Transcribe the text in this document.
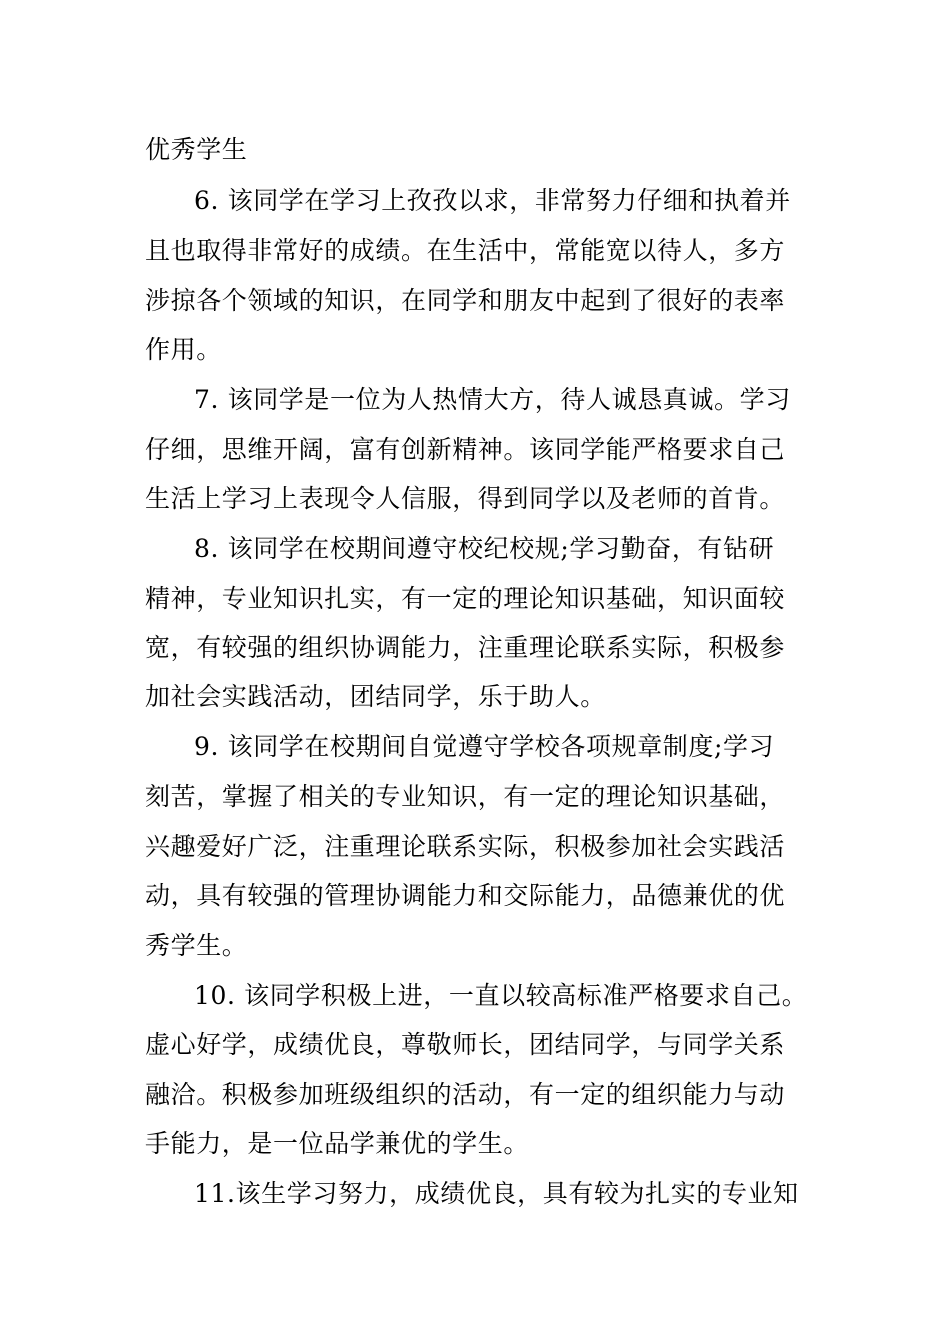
优秀学生
6. 该同学在学习上孜孜以求，非常努力仔细和执着并
且也取得非常好的成绩。在生活中，常能宽以待人，多方
涉掠各个领域的知识，在同学和朋友中起到了很好的表率
作用。
7. 该同学是一位为人热情大方，待人诚恳真诚。学习
仔细，思维开阔，富有创新精神。该同学能严格要求自己
生活上学习上表现令人信服，得到同学以及老师的首肯。
8. 该同学在校期间遵守校纪校规;学习勤奋，有钻研
精神，专业知识扎实，有一定的理论知识基础，知识面较
宽，有较强的组织协调能力，注重理论联系实际，积极参
加社会实践活动，团结同学，乐于助人。
9. 该同学在校期间自觉遵守学校各项规章制度;学习
刻苦，掌握了相关的专业知识，有一定的理论知识基础，
兴趣爱好广泛，注重理论联系实际，积极参加社会实践活
动，具有较强的管理协调能力和交际能力，品德兼优的优
秀学生。
10. 该同学积极上进，一直以较高标准严格要求自己。
虚心好学，成绩优良，尊敬师长，团结同学，与同学关系
融洽。积极参加班级组织的活动，有一定的组织能力与动
手能力，是一位品学兼优的学生。
11.该生学习努力，成绩优良，具有较为扎实的专业知
